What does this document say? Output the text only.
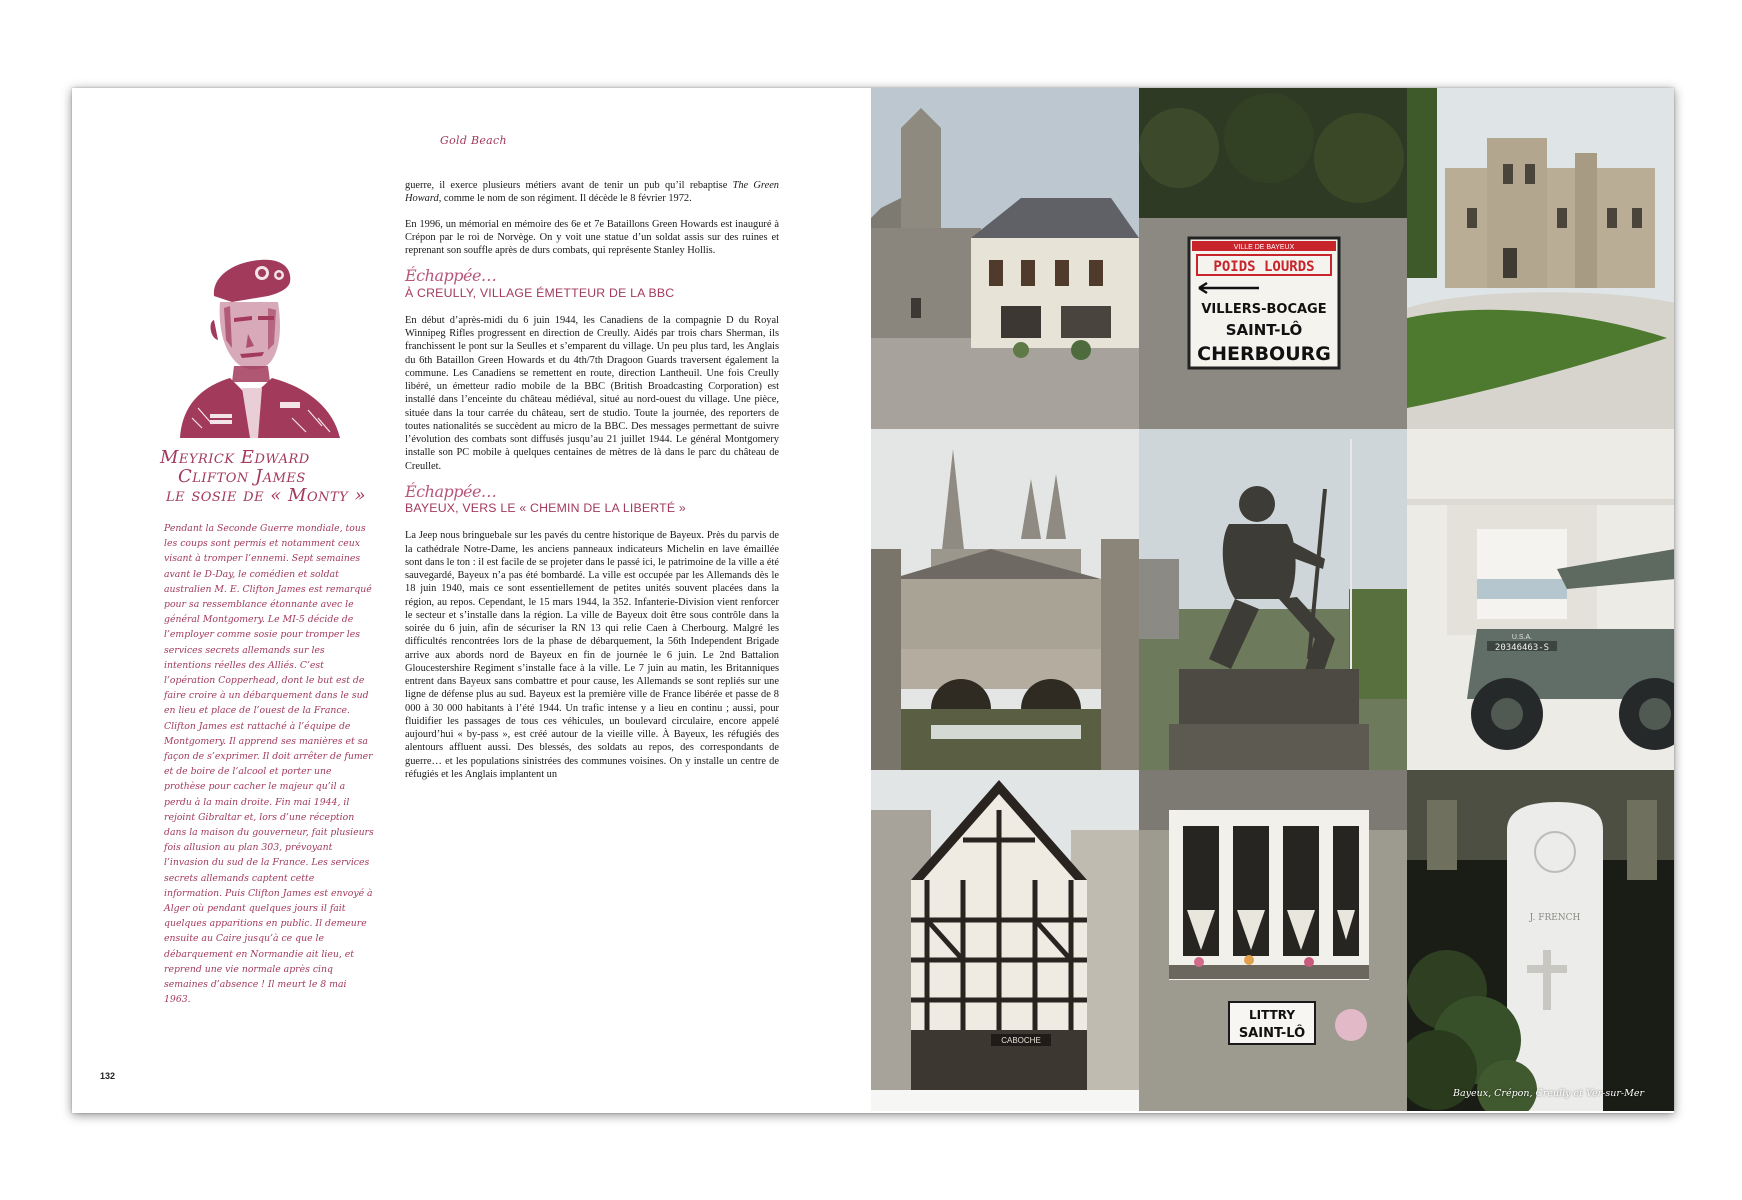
Gold Beach
Meyrick Edward
Clifton James
le sosie de « Monty »
Pendant la Seconde Guerre mondiale, tous les coups sont permis et notamment ceux visant à tromper l’ennemi. Sept semaines avant le D-Day, le comédien et soldat australien M. E. Clifton James est remarqué pour sa ressemblance étonnante avec le général Montgomery. Le MI-5 décide de l’employer comme sosie pour tromper les services secrets allemands sur les intentions réelles des Alliés. C’est l’opération Copperhead, dont le but est de faire croire à un débarquement dans le sud en lieu et place de l’ouest de la France. Clifton James est rattaché à l’équipe de Montgomery. Il apprend ses manières et sa façon de s’exprimer. Il doit arrêter de fumer et de boire de l’alcool et porter une prothèse pour cacher le majeur qu’il a perdu à la main droite. Fin mai 1944, il rejoint Gibraltar et, lors d’une réception dans la maison du gouverneur, fait plusieurs fois allusion au plan 303, prévoyant l’invasion du sud de la France. Les services secrets allemands captent cette information. Puis Clifton James est envoyé à Alger où pendant quelques jours il fait quelques apparitions en public. Il demeure ensuite au Caire jusqu’à ce que le débarquement en Normandie ait lieu, et reprend une vie normale après cinq semaines d’absence ! Il meurt le 8 mai 1963.

guerre, il exerce plusieurs métiers avant de tenir un pub qu’il rebaptise The Green Howard, comme le nom de son régiment. Il décède le 8 février 1972.

En 1996, un mémorial en mémoire des 6e et 7e Bataillons Green Howards est inauguré à Crépon par le roi de Norvège. On y voit une statue d’un soldat assis sur des ruines et reprenant son souffle après de durs combats, qui représente Stanley Hollis.

Échappée…
À CREULLY, VILLAGE ÉMETTEUR DE LA BBC

En début d’après-midi du 6 juin 1944, les Canadiens de la compagnie D du Royal Winnipeg Rifles progressent en direction de Creully. Aidés par trois chars Sherman, ils franchissent le pont sur la Seulles et s’emparent du village. Un peu plus tard, les Anglais du 6th Bataillon Green Howards et du 4th/7th Dragoon Guards traversent également la commune. Les Canadiens se remettent en route, direction Lantheuil. Une fois Creully libéré, un émetteur radio mobile de la BBC (British Broadcasting Corporation) est installé dans l’enceinte du château médiéval, situé au nord-ouest du village. Une pièce, située dans la tour carrée du château, sert de studio. Toute la journée, des reporters de toutes nationalités se succèdent au micro de la BBC. Des messages permettant de suivre l’évolution des combats sont diffusés jusqu’au 21 juillet 1944. Le général Montgomery installe son PC mobile à quelques centaines de mètres de là dans le parc du château de Creullet.

Échappée…
BAYEUX, VERS LE « CHEMIN DE LA LIBERTÉ »

La Jeep nous bringuebale sur les pavés du centre historique de Bayeux. Près du parvis de la cathédrale Notre-Dame, les anciens panneaux indicateurs Michelin en lave émaillée sont dans le ton : il est facile de se projeter dans le passé ici, le patrimoine de la ville a été sauvegardé, Bayeux n’a pas été bombardé. La ville est occupée par les Allemands dès le 18 juin 1940, mais ce sont essentiellement de petites unités souvent placées dans la région, au repos. Cependant, le 15 mars 1944, la 352. Infanterie-Division vient renforcer le secteur et s’installe dans la région. La ville de Bayeux doit être sous contrôle dans la soirée du 6 juin, afin de sécuriser la RN 13 qui relie Caen à Cherbourg. Malgré les difficultés rencontrées lors de la phase de débarquement, la 56th Independent Brigade arrive aux abords nord de Bayeux en fin de journée le 6 juin. Le 2nd Battalion Gloucestershire Regiment s’installe face à la ville. Le 7 juin au matin, les Britanniques entrent dans Bayeux sans combattre et pour cause, les Allemands se sont repliés sur une ligne de défense plus au sud. Bayeux est la première ville de France libérée et passe de 8 000 à 30 000 habitants à l’été 1944. Un trafic intense y a lieu en continu ; aussi, pour fluidifier les passages de tous ces véhicules, un boulevard circulaire, encore appelé aujourd’hui « by-pass », est créé autour de la vieille ville. À Bayeux, les réfugiés des alentours affluent aussi. Des blessés, des soldats au repos, des correspondants de guerre… et les populations sinistrées des communes voisines. On y installe un centre de réfugiés et les Anglais implantent un

132
VILLE DE BAYEUX
POIDS LOURDS
VILLERS-BOCAGE
SAINT-LÔ
CHERBOURG
20346463-S
U.S.A.
CABOCHE
LITTRY
SAINT-LÔ
J. FRENCH
Bayeux, Crépon, Creully et Ver-sur-Mer
